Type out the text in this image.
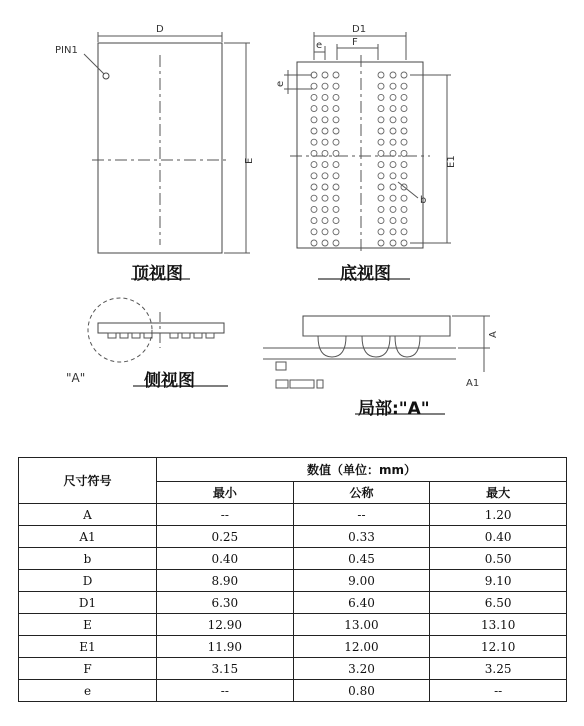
D
PIN1
E
D1
F
e
e
E1
b
A
A1
"A"
顶视图	底视图
侧视图
局部:"A"
尺寸符号	数值（单位：mm）		
	最小	公称	最大
A	--	--	1.20
A1	0.25	0.33	0.40
b	0.40	0.45	0.50
D	8.90	9.00	9.10
D1	6.30	6.40	6.50
E	12.90	13.00	13.10
E1	11.90	12.00	12.10
F	3.15	3.20	3.25
e	--	0.80	--
